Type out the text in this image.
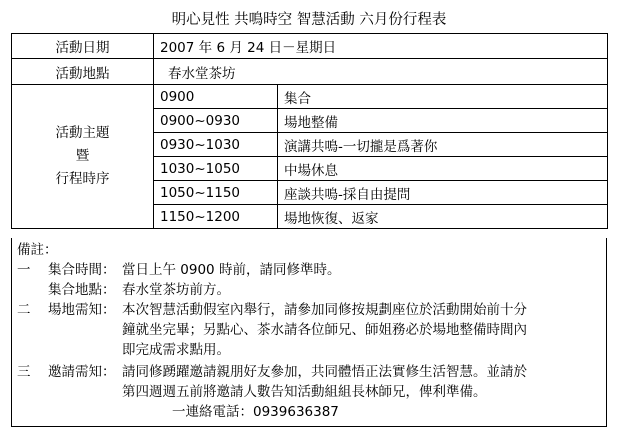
明心見性 共鳴時空 智慧活動 六月份行程表
活動日期	2007 年 6 月 24 日－星期日	
活動地點	春水堂茶坊	

活動主題
暨
行程時序	0900	集合
	0900~0930	場地整備
	0930~1030	演講共鳴-一切攏是爲著你
	1030~1050	中場休息
	1050~1150	座談共鳴-採自由提問
	1150~1200	場地恢復、返家
備註：
一 集合時間： 當日上午 0900 時前，請同修準時。
集合地點： 春水堂茶坊前方。
二 場地需知： 本次智慧活動假室內舉行，請參加同修按規劃座位於活動開始前十分
鐘就坐完畢；另點心、茶水請各位師兄、師姐務必於場地整備時間內
即完成需求點用。
三 邀請需知： 請同修踴躍邀請親朋好友參加，共同體悟正法實修生活智慧。並請於
第四週週五前將邀請人數告知活動組組長林師兄，俾利準備。
一連絡電話：0939636387
